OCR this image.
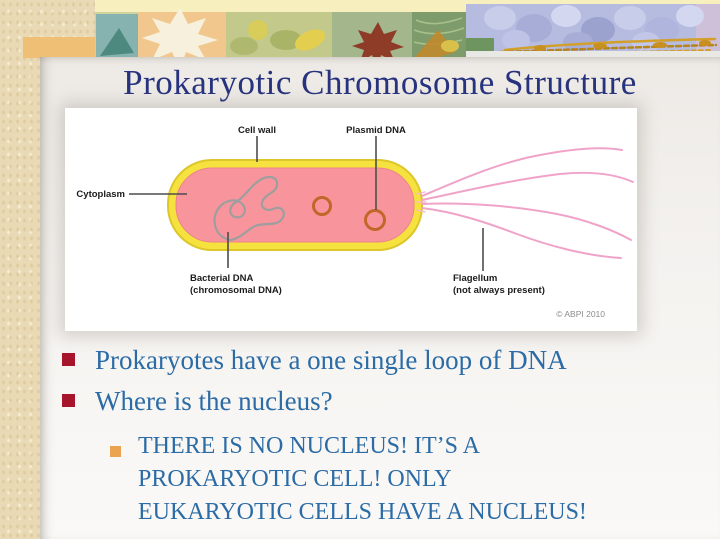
Prokaryotic Chromosome Structure
Cell wall	Plasmid DNA
Cytoplasm
Bacterial DNA
(chromosomal DNA)
Flagellum
(not always present)
© ABPI 2010
Prokaryotes have a one single loop of DNA
Where is the nucleus?
THERE IS NO NUCLEUS! IT’S A
PROKARYOTIC CELL! ONLY
EUKARYOTIC CELLS HAVE A NUCLEUS!
